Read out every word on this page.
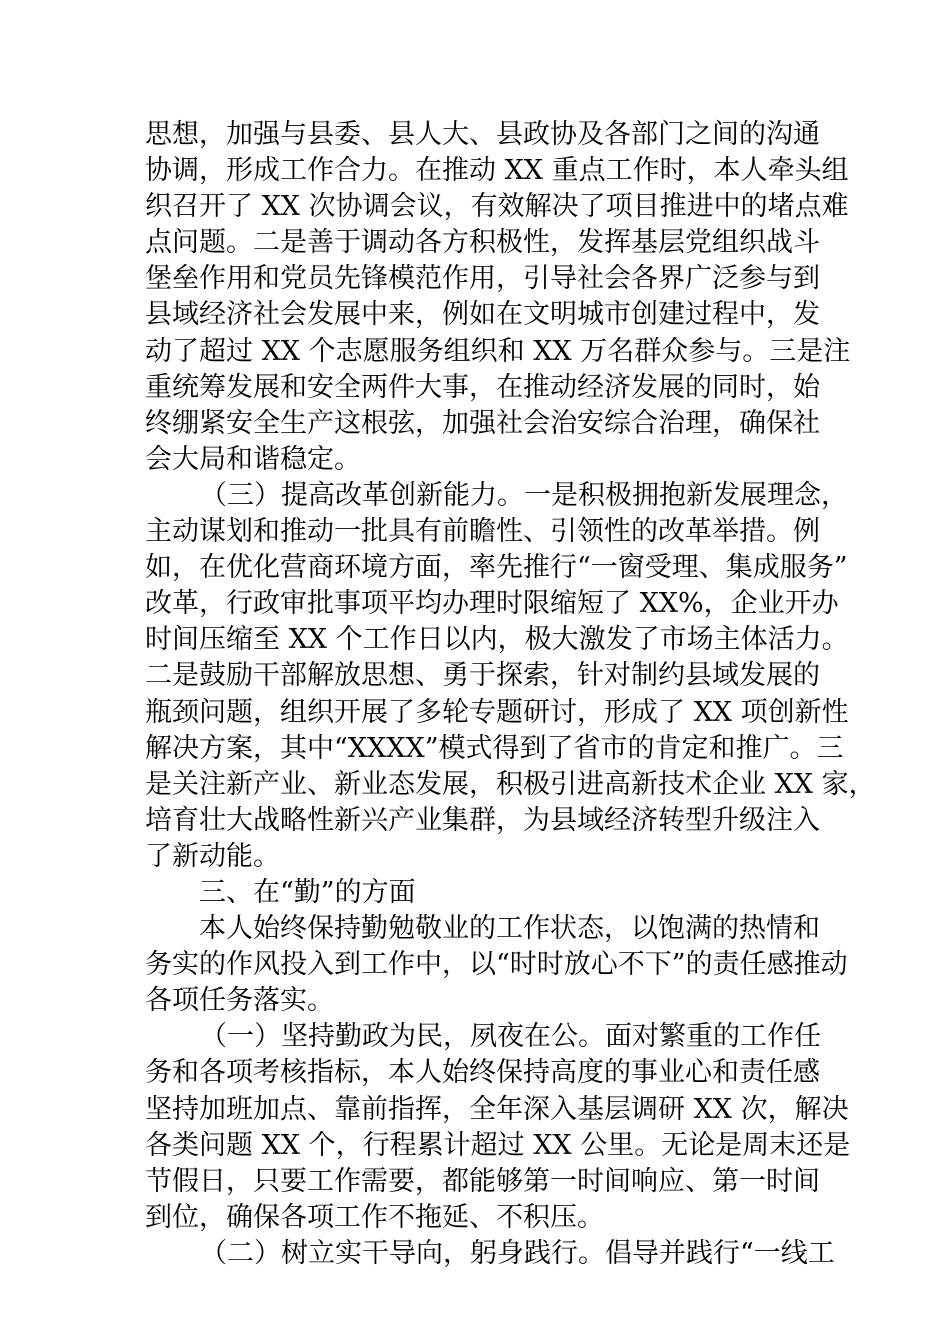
思想，加强与县委、县人大、县政协及各部门之间的沟通
协调，形成工作合力。在推动 XX 重点工作时，本人牵头组
织召开了 XX 次协调会议，有效解决了项目推进中的堵点难
点问题。二是善于调动各方积极性，发挥基层党组织战斗
堡垒作用和党员先锋模范作用，引导社会各界广泛参与到
县域经济社会发展中来，例如在文明城市创建过程中，发
动了超过 XX 个志愿服务组织和 XX 万名群众参与。三是注
重统筹发展和安全两件大事，在推动经济发展的同时，始
终绷紧安全生产这根弦，加强社会治安综合治理，确保社
会大局和谐稳定。
（三）提高改革创新能力。一是积极拥抱新发展理念，
主动谋划和推动一批具有前瞻性、引领性的改革举措。例
如，在优化营商环境方面，率先推行“一窗受理、集成服务”
改革，行政审批事项平均办理时限缩短了 XX%，企业开办
时间压缩至 XX 个工作日以内，极大激发了市场主体活力。
二是鼓励干部解放思想、勇于探索，针对制约县域发展的
瓶颈问题，组织开展了多轮专题研讨，形成了 XX 项创新性
解决方案，其中“XXXX”模式得到了省市的肯定和推广。三
是关注新产业、新业态发展，积极引进高新技术企业 XX 家，
培育壮大战略性新兴产业集群，为县域经济转型升级注入
了新动能。
三、在“勤”的方面
本人始终保持勤勉敬业的工作状态，以饱满的热情和
务实的作风投入到工作中，以“时时放心不下”的责任感推动
各项任务落实。
（一）坚持勤政为民，夙夜在公。面对繁重的工作任
务和各项考核指标，本人始终保持高度的事业心和责任感
坚持加班加点、靠前指挥，全年深入基层调研 XX 次，解决
各类问题 XX 个，行程累计超过 XX 公里。无论是周末还是
节假日，只要工作需要，都能够第一时间响应、第一时间
到位，确保各项工作不拖延、不积压。
（二）树立实干导向，躬身践行。倡导并践行“一线工
